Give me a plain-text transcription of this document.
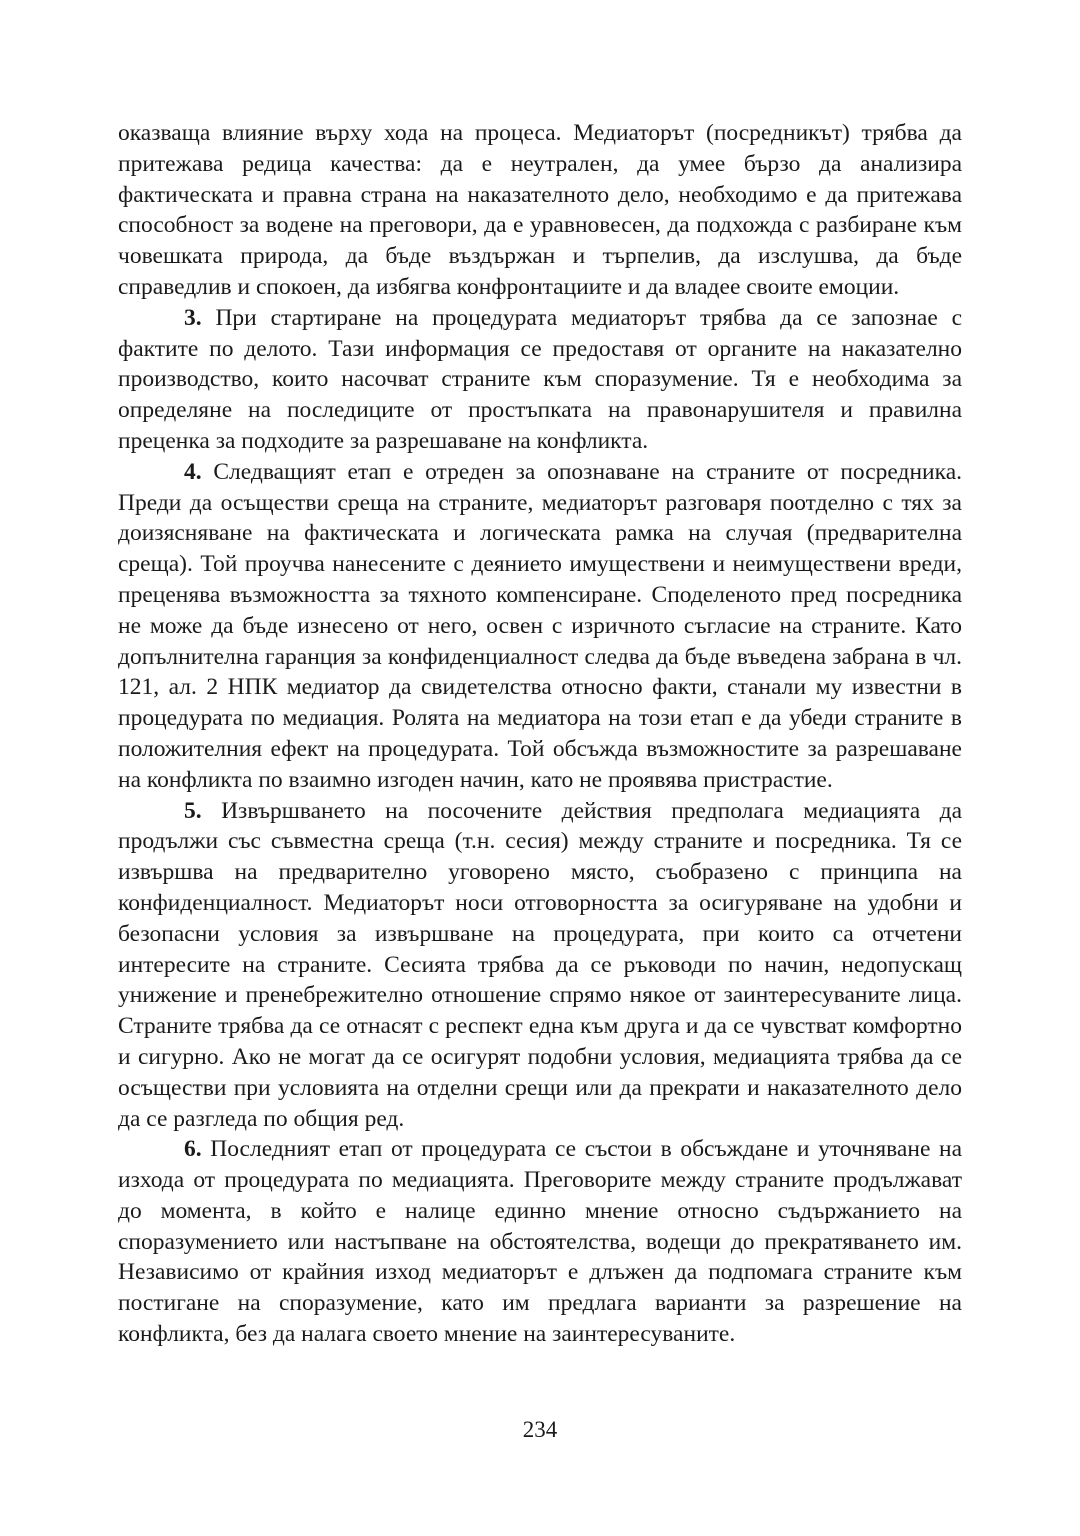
оказваща влияние върху хода на процеса. Медиаторът (посредникът) трябва да притежава редица качества: да е неутрален, да умее бързо да анализира фактическата и правна страна на наказателното дело, необходимо е да притежава способност за водене на преговори, да е уравновесен, да подхожда с разбиране към човешката природа, да бъде въздържан и търпелив, да изслушва, да бъде справедлив и спокоен, да избягва конфронтациите и да владее своите емоции.

3. При стартиране на процедурата медиаторът трябва да се запознае с фактите по делото. Тази информация се предоставя от органите на наказателно производство, които насочват страните към споразумение. Тя е необходима за определяне на последиците от простъпката на правонарушителя и правилна преценка за подходите за разрешаване на конфликта.

4. Следващият етап е отреден за опознаване на страните от посредника. Преди да осъществи среща на страните, медиаторът разговаря поотделно с тях за доизясняване на фактическата и логическата рамка на случая (предварителна среща). Той проучва нанесените с деянието имуществени и неимуществени вреди, преценява възможността за тяхното компенсиране. Споделеното пред посредника не може да бъде изнесено от него, освен с изричното съгласие на страните. Като допълнителна гаранция за конфиденциалност следва да бъде въведена забрана в чл. 121, ал. 2 НПК медиатор да свидетелства относно факти, станали му известни в процедурата по медиация. Ролята на медиатора на този етап е да убеди страните в положителния ефект на процедурата. Той обсъжда възможностите за разрешаване на конфликта по взаимно изгоден начин, като не проявява пристрастие.

5. Извършването на посочените действия предполага медиацията да продължи със съвместна среща (т.н. сесия) между страните и посредника. Тя се извършва на предварително уговорено място, съобразено с принципа на конфиденциалност. Медиаторът носи отговорността за осигуряване на удобни и безопасни условия за извършване на процедурата, при които са отчетени интересите на страните. Сесията трябва да се ръководи по начин, недопускащ унижение и пренебрежително отношение спрямо някое от заинтересуваните лица. Страните трябва да се отнасят с респект една към друга и да се чувстват комфортно и сигурно. Ако не могат да се осигурят подобни условия, медиацията трябва да се осъществи при условията на отделни срещи или да прекрати и наказателното дело да се разгледа по общия ред.

6. Последният етап от процедурата се състои в обсъждане и уточняване на изхода от процедурата по медиацията. Преговорите между страните продължават до момента, в който е налице единно мнение относно съдържанието на споразумението или настъпване на обстоятелства, водещи до прекратяването им. Независимо от крайния изход медиаторът е длъжен да подпомага страните към постигане на споразумение, като им предлага варианти за разрешение на конфликта, без да налага своето мнение на заинтересуваните.

234
